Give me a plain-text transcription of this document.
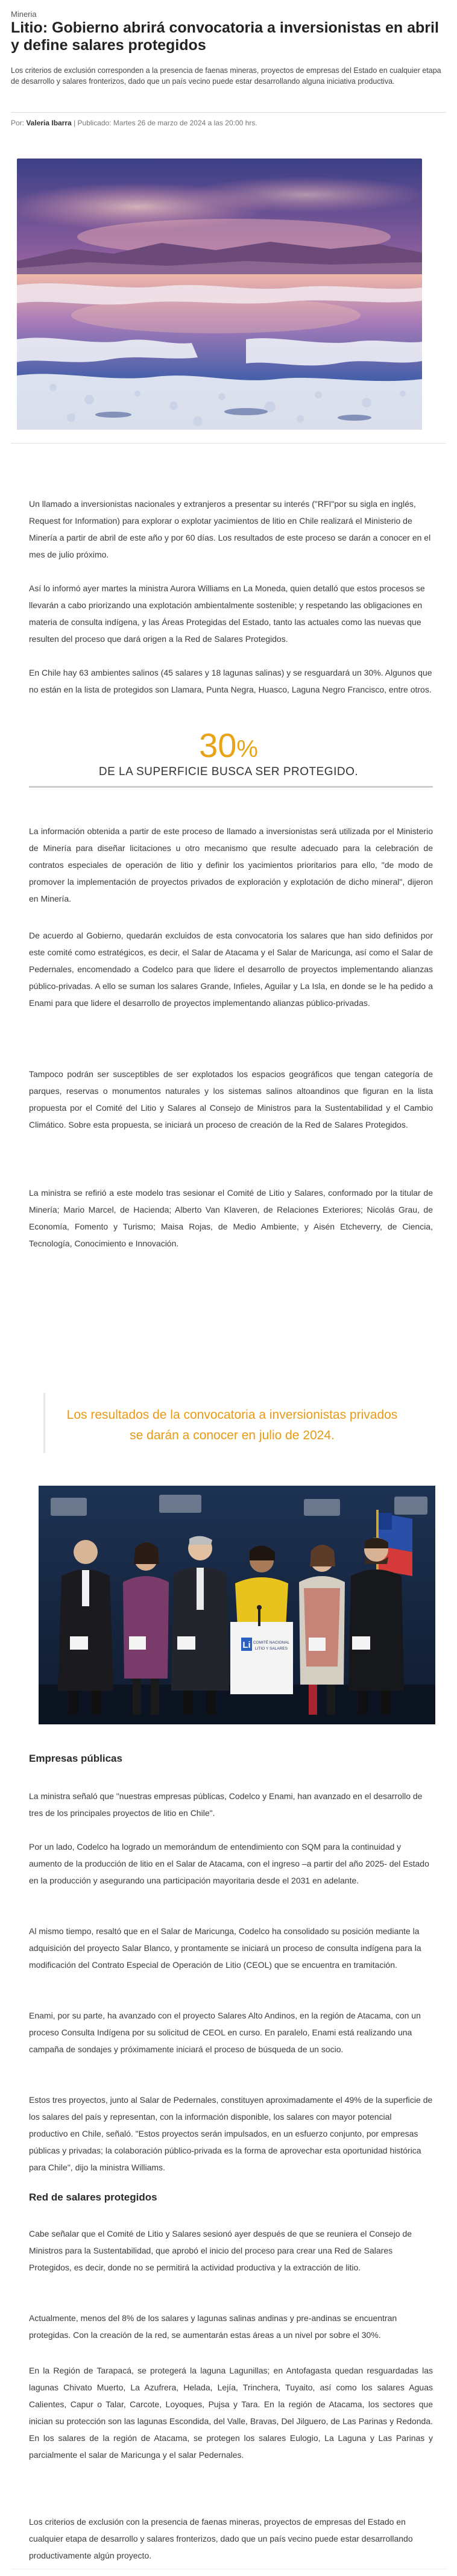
Mineria
Litio: Gobierno abrirá convocatoria a inversionistas en abril y define salares protegidos

Los criterios de exclusión corresponden a la presencia de faenas mineras, proyectos de empresas del Estado en cualquier etapa de desarrollo y salares fronterizos, dado que un país vecino puede estar desarrollando alguna iniciativa productiva.

Por: Valeria Ibarra | Publicado: Martes 26 de marzo de 2024 a las 20:00 hrs.

Un llamado a inversionistas nacionales y extranjeros a presentar su interés ("RFI"por su sigla en inglés, Request for Information) para explorar o explotar yacimientos de litio en Chile realizará el Ministerio de Minería a partir de abril de este año y por 60 días. Los resultados de este proceso se darán a conocer en el mes de julio próximo.

Así lo informó ayer martes la ministra Aurora Williams en La Moneda, quien detalló que estos procesos se llevarán a cabo priorizando una explotación ambientalmente sostenible; y respetando las obligaciones en materia de consulta indígena, y las Áreas Protegidas del Estado, tanto las actuales como las nuevas que resulten del proceso que dará origen a la Red de Salares Protegidos.

En Chile hay 63 ambientes salinos (45 salares y 18 lagunas salinas) y se resguardará un 30%. Algunos que no están en la lista de protegidos son Llamara, Punta Negra, Huasco, Laguna Negro Francisco, entre otros.

30%
DE LA SUPERFICIE BUSCA SER PROTEGIDO.

La información obtenida a partir de este proceso de llamado a inversionistas será utilizada por el Ministerio de Minería para diseñar licitaciones u otro mecanismo que resulte adecuado para la celebración de contratos especiales de operación de litio y definir los yacimientos prioritarios para ello, "de modo de promover la implementación de proyectos privados de exploración y explotación de dicho mineral", dijeron en Minería.

De acuerdo al Gobierno, quedarán excluidos de esta convocatoria los salares que han sido definidos por este comité como estratégicos, es decir, el Salar de Atacama y el Salar de Maricunga, así como el Salar de Pedernales, encomendado a Codelco para que lidere el desarrollo de proyectos implementando alianzas público-privadas. A ello se suman los salares Grande, Infieles, Aguilar y La Isla, en donde se le ha pedido a Enami para que lidere el desarrollo de proyectos implementando alianzas público-privadas.

Tampoco podrán ser susceptibles de ser explotados los espacios geográficos que tengan categoría de parques, reservas o monumentos naturales y los sistemas salinos altoandinos que figuran en la lista propuesta por el Comité del Litio y Salares al Consejo de Ministros para la Sustentabilidad y el Cambio Climático. Sobre esta propuesta, se iniciará un proceso de creación de la Red de Salares Protegidos.

La ministra se refirió a este modelo tras sesionar el Comité de Litio y Salares, conformado por la titular de Minería; Mario Marcel, de Hacienda; Alberto Van Klaveren, de Relaciones Exteriores; Nicolás Grau, de Economía, Fomento y Turismo; Maisa Rojas, de Medio Ambiente, y Aisén Etcheverry, de Ciencia, Tecnología, Conocimiento e Innovación.

Los resultados de la convocatoria a inversionistas privados se darán a conocer en julio de 2024.

Li COMITÉ NACIONAL
LITIO Y SALARES
Empresas públicas

La ministra señaló que "nuestras empresas públicas, Codelco y Enami, han avanzado en el desarrollo de tres de los principales proyectos de litio en Chile".

Por un lado, Codelco ha logrado un memorándum de entendimiento con SQM para la continuidad y aumento de la producción de litio en el Salar de Atacama, con el ingreso –a partir del año 2025- del Estado en la producción y asegurando una participación mayoritaria desde el 2031 en adelante.

Al mismo tiempo, resaltó que en el Salar de Maricunga, Codelco ha consolidado su posición mediante la adquisición del proyecto Salar Blanco, y prontamente se iniciará un proceso de consulta indígena para la modificación del Contrato Especial de Operación de Litio (CEOL) que se encuentra en tramitación.

Enami, por su parte, ha avanzado con el proyecto Salares Alto Andinos, en la región de Atacama, con un proceso Consulta Indígena por su solicitud de CEOL en curso. En paralelo, Enami está realizando una campaña de sondajes y próximamente iniciará el proceso de búsqueda de un socio.

Estos tres proyectos, junto al Salar de Pedernales, constituyen aproximadamente el 49% de la superficie de los salares del país y representan, con la información disponible, los salares con mayor potencial productivo en Chile, señaló. "Estos proyectos serán impulsados, en un esfuerzo conjunto, por empresas públicas y privadas; la colaboración público-privada es la forma de aprovechar esta oportunidad histórica para Chile", dijo la ministra Williams.

Red de salares protegidos

Cabe señalar que el Comité de Litio y Salares sesionó ayer después de que se reuniera el Consejo de Ministros para la Sustentabilidad, que aprobó el inicio del proceso para crear una Red de Salares Protegidos, es decir, donde no se permitirá la actividad productiva y la extracción de litio.

Actualmente, menos del 8% de los salares y lagunas salinas andinas y pre-andinas se encuentran protegidas. Con la creación de la red, se aumentarán estas áreas a un nivel por sobre el 30%.

En la Región de Tarapacá, se protegerá la laguna Lagunillas; en Antofagasta quedan resguardadas las lagunas Chivato Muerto, La Azufrera, Helada, Lejía, Trinchera, Tuyaito, así como los salares Aguas Calientes, Capur o Talar, Carcote, Loyoques, Pujsa y Tara. En la región de Atacama, los sectores que inician su protección son las lagunas Escondida, del Valle, Bravas, Del Jilguero, de Las Parinas y Redonda. En los salares de la región de Atacama, se protegen los salares Eulogio, La Laguna y Las Parinas y parcialmente el salar de Maricunga y el salar Pedernales.

Los criterios de exclusión con la presencia de faenas mineras, proyectos de empresas del Estado en cualquier etapa de desarrollo y salares fronterizos, dado que un país vecino puede estar desarrollando productivamente algún proyecto.
